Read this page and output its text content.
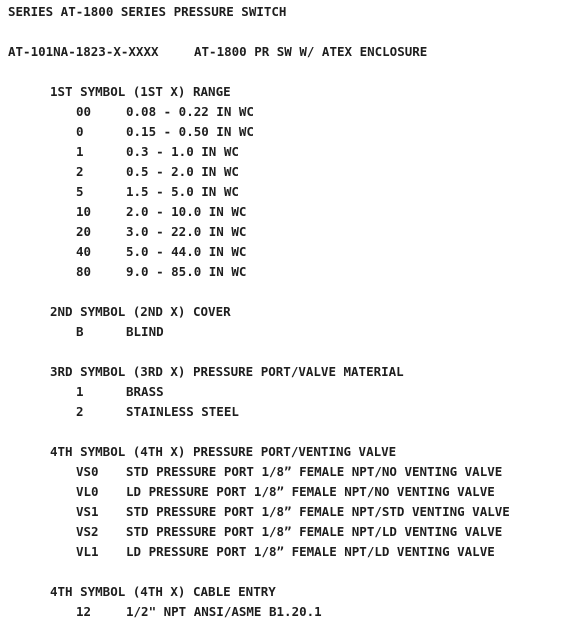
SERIES AT-1800 SERIES PRESSURE SWITCH
AT-101NA-1823-X-XXXX	AT-1800 PR SW W/ ATEX ENCLOSURE
1ST SYMBOL (1ST X) RANGE
00	0.08 - 0.22 IN WC
0	0.15 - 0.50 IN WC
1	0.3 - 1.0 IN WC
2	0.5 - 2.0 IN WC
5	1.5 - 5.0 IN WC
10	2.0 - 10.0 IN WC
20	3.0 - 22.0 IN WC
40	5.0 - 44.0 IN WC
80	9.0 - 85.0 IN WC
2ND SYMBOL (2ND X) COVER
B	BLIND
3RD SYMBOL (3RD X) PRESSURE PORT/VALVE MATERIAL
1	BRASS
2	STAINLESS STEEL
4TH SYMBOL (4TH X) PRESSURE PORT/VENTING VALVE
VS0 STD PRESSURE PORT 1/8” FEMALE NPT/NO VENTING VALVE
VL0 LD PRESSURE PORT 1/8” FEMALE NPT/NO VENTING VALVE
VS1 STD PRESSURE PORT 1/8” FEMALE NPT/STD VENTING VALVE
VS2 STD PRESSURE PORT 1/8” FEMALE NPT/LD VENTING VALVE
VL1 LD PRESSURE PORT 1/8” FEMALE NPT/LD VENTING VALVE
4TH SYMBOL (4TH X) CABLE ENTRY
12	1/2" NPT ANSI/ASME B1.20.1
